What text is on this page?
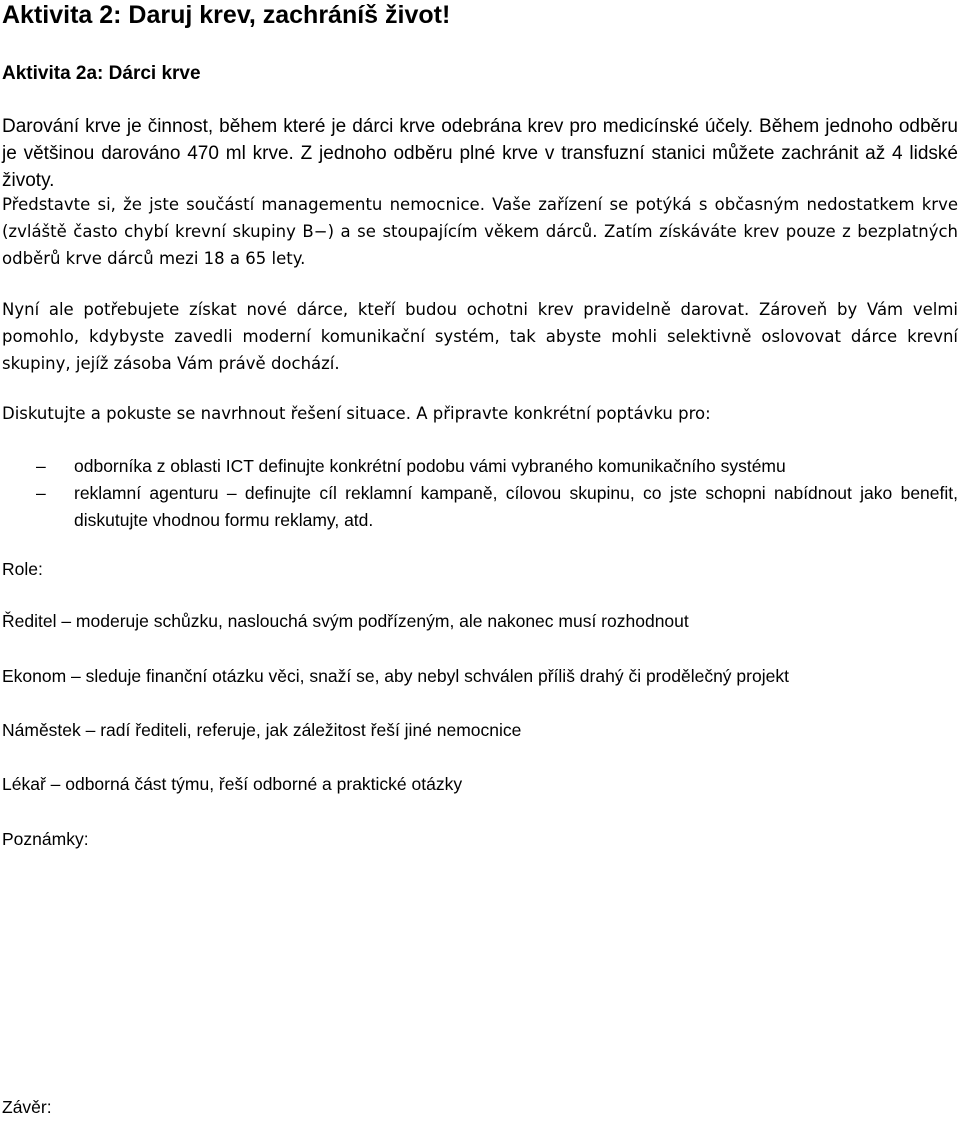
Aktivita 2: Daruj krev, zachráníš život!
Aktivita 2a: Dárci krve

Darování krve je činnost, během které je dárci krve odebrána krev pro medicínské účely. Během jednoho odběru je většinou darováno 470 ml krve. Z jednoho odběru plné krve v transfuzní stanici můžete zachránit až 4 lidské životy.

Představte si, že jste součástí managementu nemocnice. Vaše zařízení se potýká s občasným nedostatkem krve (zvláště často chybí krevní skupiny B−) a se stoupajícím věkem dárců. Zatím získáváte krev pouze z bezplatných odběrů krve dárců mezi 18 a 65 lety.

Nyní ale potřebujete získat nové dárce, kteří budou ochotni krev pravidelně darovat. Zároveň by Vám velmi pomohlo, kdybyste zavedli moderní komunikační systém, tak abyste mohli selektivně oslovovat dárce krevní skupiny, jejíž zásoba Vám právě dochází.

Diskutujte a pokuste se navrhnout řešení situace. A připravte konkrétní poptávku pro:

– odborníka z oblasti ICT definujte konkrétní podobu vámi vybraného komunikačního systému
– reklamní agenturu – definujte cíl reklamní kampaně, cílovou skupinu, co jste schopni nabídnout jako benefit, diskutujte vhodnou formu reklamy, atd.

Role:

Ředitel – moderuje schůzku, naslouchá svým podřízeným, ale nakonec musí rozhodnout

Ekonom – sleduje finanční otázku věci, snaží se, aby nebyl schválen příliš drahý či prodělečný projekt

Náměstek – radí řediteli, referuje, jak záležitost řeší jiné nemocnice

Lékař – odborná část týmu, řeší odborné a praktické otázky

Poznámky:

Závěr:
